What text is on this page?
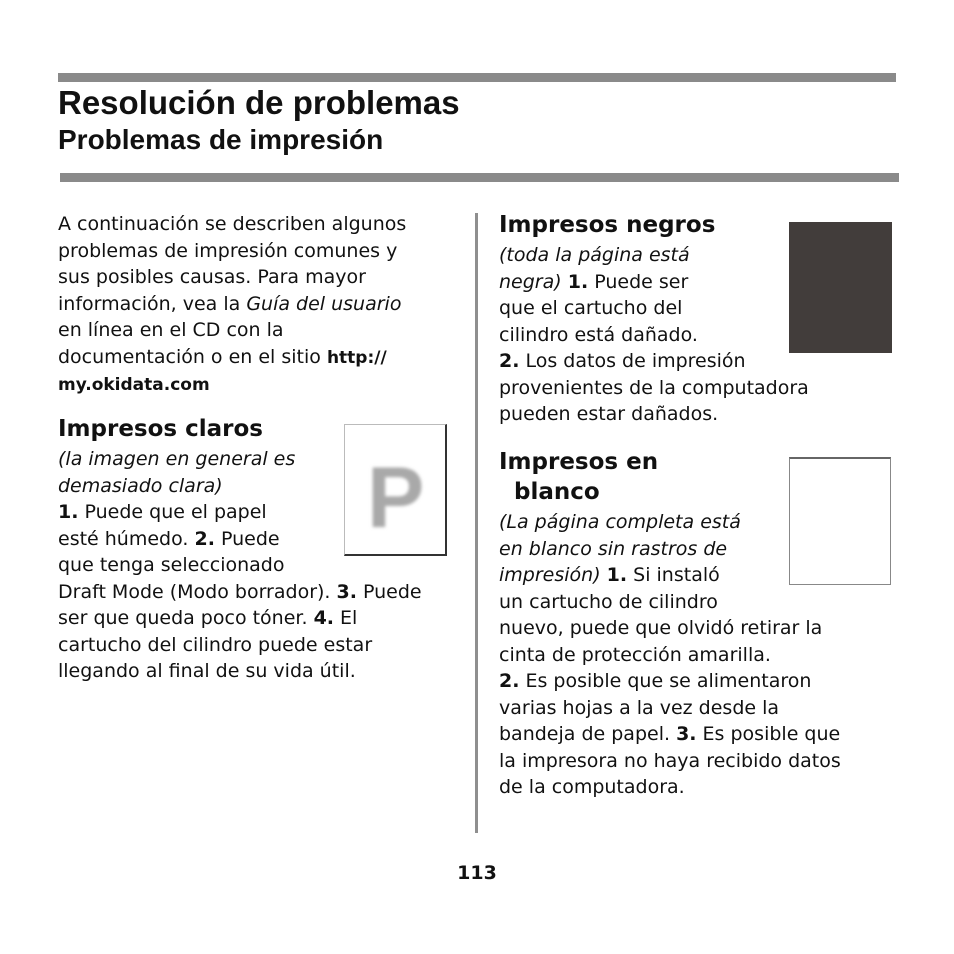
Resolución de problemas
Problemas de impresión
A continuación se describen algunos
problemas de impresión comunes y
sus posibles causas. Para mayor
información, vea la Guía del usuario
en línea en el CD con la
documentación o en el sitio http://
my.okidata.com
Impresos claros
(la imagen en general es
demasiado clara)
1. Puede que el papel
esté húmedo. 2. Puede
que tenga seleccionado
Draft Mode (Modo borrador). 3. Puede
ser que queda poco tóner. 4. El
cartucho del cilindro puede estar
llegando al final de su vida útil.
P
Impresos negros
(toda la página está
negra) 1. Puede ser
que el cartucho del
cilindro está dañado.
2. Los datos de impresión
provenientes de la computadora
pueden estar dañados.
Impresos en
blanco
(La página completa está
en blanco sin rastros de
impresión) 1. Si instaló
un cartucho de cilindro
nuevo, puede que olvidó retirar la
cinta de protección amarilla.
2. Es posible que se alimentaron
varias hojas a la vez desde la
bandeja de papel. 3. Es posible que
la impresora no haya recibido datos
de la computadora.

113
